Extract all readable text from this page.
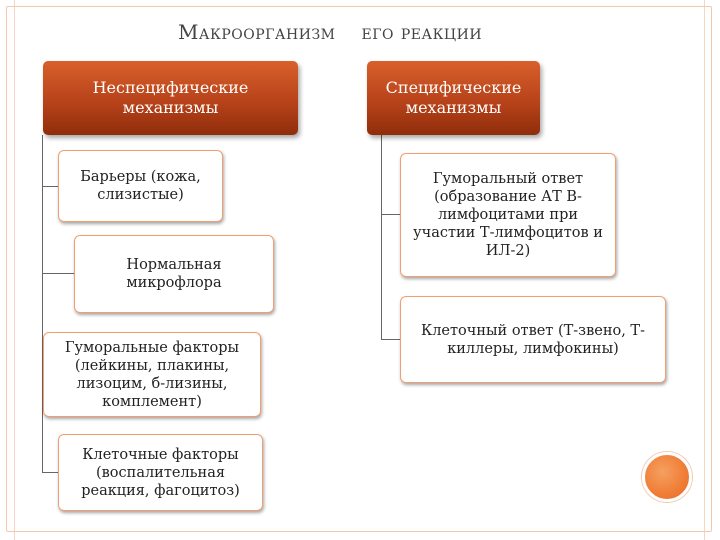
Макроорганизм его реакции
Неспецифические механизмы
Специфические механизмы
Барьеры (кожа, слизистые)
Нормальная микрофлора
Гуморальные факторы (лейкины, плакины, лизоцим, б-лизины, комплемент)
Клеточные факторы (воспалительная реакция, фагоцитоз)
Гуморальный ответ (образование АТ В-лимфоцитами при участии Т-лимфоцитов и ИЛ-2)
Клеточный ответ (Т-звено, Т-киллеры, лимфокины)
